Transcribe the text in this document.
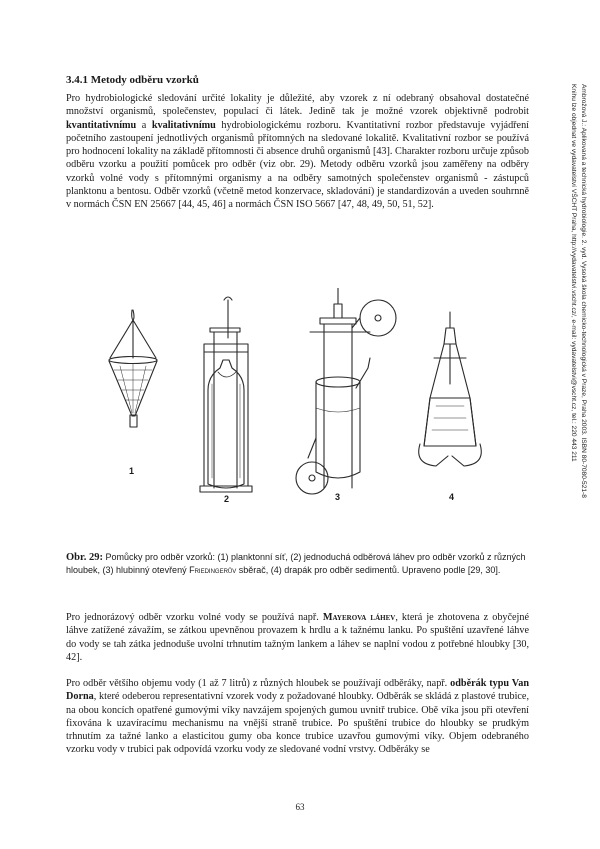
3.4.1 Metody odběru vzorků

Pro hydrobiologické sledování určité lokality je důležité, aby vzorek z ní odebraný obsahoval dostatečné množství organismů, společenstev, populací či látek. Jedině tak je možné vzorek objektivně podrobit kvantitativnímu a kvalitativnímu hydrobiologickému rozboru. Kvantitativní rozbor představuje vyjádření početního zastoupení jednotlivých organismů přítomných na sledované lokalitě. Kvalitativní rozbor se používá pro hodnocení lokality na základě přítomnosti či absence druhů organismů [43]. Charakter rozboru určuje způsob odběru vzorku a použití pomůcek pro odběr (viz obr. 29). Metody odběru vzorků jsou zaměřeny na odběry vzorků volné vody s přítomnými organismy a na odběry samotných společenstev organismů - zástupců planktonu a bentosu. Odběr vzorků (včetně metod konzervace, skladování) je standardizován a uveden souhrnně v normách ČSN EN 25667 [44, 45, 46] a normách ČSN ISO 5667 [47, 48, 49, 50, 51, 52].

1
2	3	4
Obr. 29: Pomůcky pro odběr vzorků: (1) planktonní síť, (2) jednoduchá odběrová láhev pro odběr vzorků z různých hloubek, (3) hlubinný otevřený Friedingerův sběrač, (4) drapák pro odběr sedimentů. Upraveno podle [29, 30].

Pro jednorázový odběr vzorku volné vody se používá např. Mayerova láhev, která je zhotovena z obyčejné láhve zatížené závažím, se zátkou upevněnou provazem k hrdlu a k tažnému lanku. Po spuštění uzavřené láhve do vody se tah zátka jednoduše uvolní trhnutím tažným lankem a láhev se naplní vodou z potřebné hloubky [30, 42].

Pro odběr většího objemu vody (1 až 7 litrů) z různých hloubek se používají odběráky, např. odběrák typu Van Dorna, které odeberou representativní vzorek vody z požadované hloubky. Odběrák se skládá z plastové trubice, na obou koncích opatřené gumovými víky navzájem spojených gumou uvnitř trubice. Obě víka jsou při otevření fixována k uzavíracímu mechanismu na vnější straně trubice. Po spuštění trubice do hloubky se prudkým trhnutím za tažné lanko a elasticitou gumy oba konce trubice uzavřou gumovými víky. Objem odebraného vzorku vody v trubici pak odpovídá vzorku vody ze sledované vodní vrstvy. Odběráky se

63
Ambrožová J.: Aplikovaná a technická hydrobiologie. 2. vyd. Vysoká škola chemicko-technologická v Praze, Praha 2003. ISBN 80-7080-521-8
Knihu lze objednat ve vydavatelství VŠCHT Praha, http://vydavatelstvi.vscht.cz/, e-mail: vydavatelstvi@vscht.cz, tel.: 220 443 211
